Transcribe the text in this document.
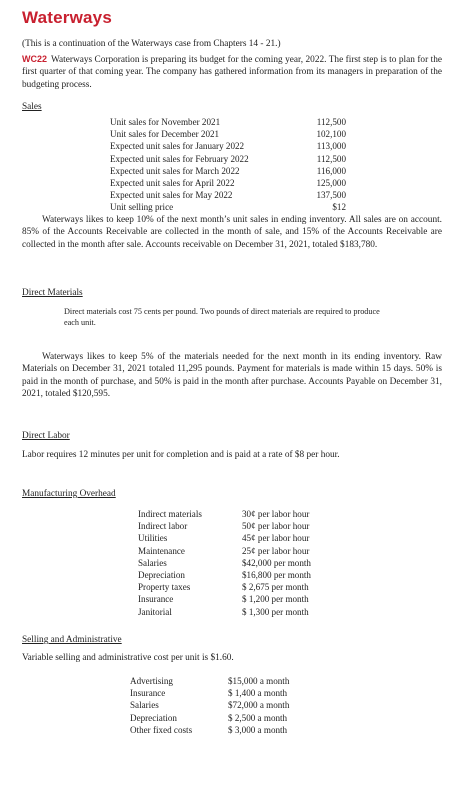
Waterways
(This is a continuation of the Waterways case from Chapters 14 - 21.)
WC22 Waterways Corporation is preparing its budget for the coming year, 2022. The first step is to plan for the first quarter of that coming year. The company has gathered information from its managers in preparation of the budgeting process.
Sales
Unit sales for November 2021	112,500
Unit sales for December 2021	102,100
Expected unit sales for January 2022	113,000
Expected unit sales for February 2022	112,500
Expected unit sales for March 2022	116,000
Expected unit sales for April 2022	125,000
Expected unit sales for May 2022	137,500
Unit selling price	$12
Waterways likes to keep 10% of the next month’s unit sales in ending inventory. All sales are on account. 85% of the Accounts Receivable are collected in the month of sale, and 15% of the Accounts Receivable are collected in the month after sale. Accounts receivable on December 31, 2021, totaled $183,780.
Direct Materials
Direct materials cost 75 cents per pound. Two pounds of direct materials are required to produce each unit.
Waterways likes to keep 5% of the materials needed for the next month in its ending inventory. Raw Materials on December 31, 2021 totaled 11,295 pounds. Payment for materials is made within 15 days. 50% is paid in the month of purchase, and 50% is paid in the month after purchase. Accounts Payable on December 31, 2021, totaled $120,595.
Direct Labor
Labor requires 12 minutes per unit for completion and is paid at a rate of $8 per hour.
Manufacturing Overhead
Indirect materials	30¢ per labor hour
Indirect labor	50¢ per labor hour
Utilities	45¢ per labor hour
Maintenance	25¢ per labor hour
Salaries	$42,000 per month
Depreciation	$16,800 per month
Property taxes	$ 2,675 per month
Insurance	$ 1,200 per month
Janitorial	$ 1,300 per month
Selling and Administrative
Variable selling and administrative cost per unit is $1.60.
Advertising	$15,000 a month
Insurance	$ 1,400 a month
Salaries	$72,000 a month
Depreciation	$ 2,500 a month
Other fixed costs	$ 3,000 a month
